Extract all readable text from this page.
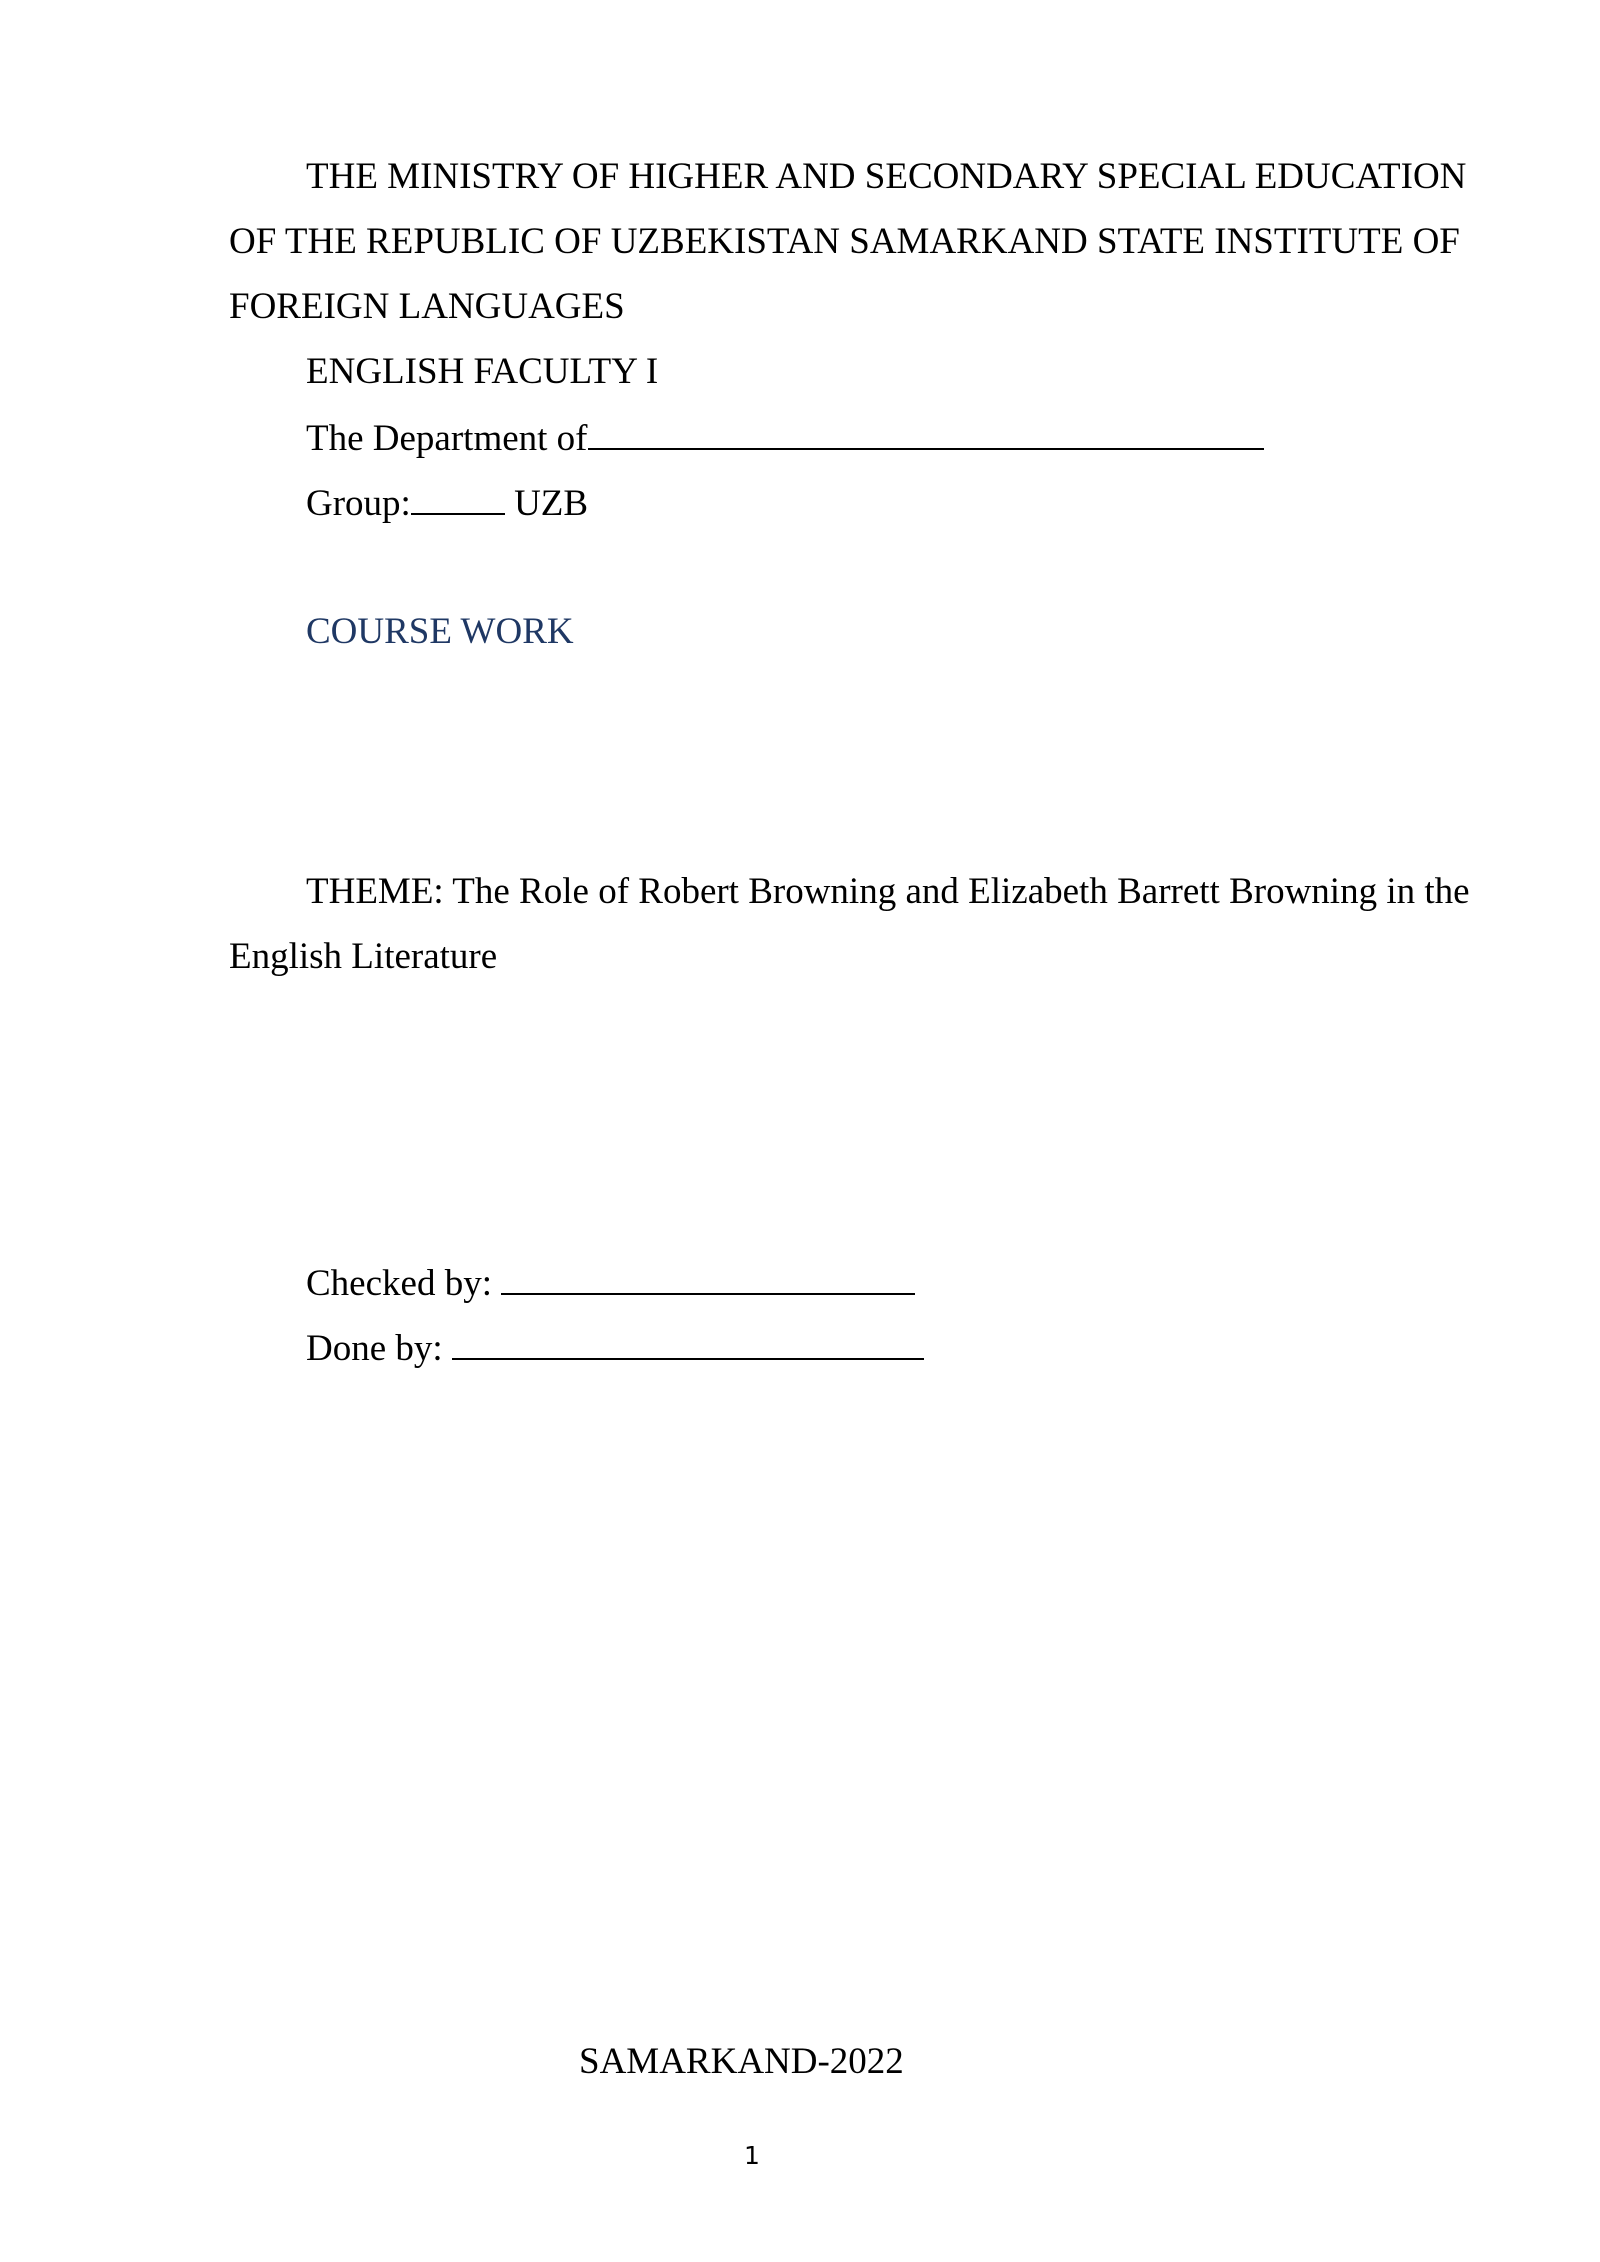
THE MINISTRY OF HIGHER AND SECONDARY SPECIAL EDUCATION

OF THE REPUBLIC OF UZBEKISTAN SAMARKAND STATE INSTITUTE OF

FOREIGN LANGUAGES

ENGLISH FACULTY I

The Department of

Group:	UZB

COURSE WORK

THEME: The Role of Robert Browning and Elizabeth Barrett Browning in the

English Literature

Checked by:

Done by:

SAMARKAND-2022

1
